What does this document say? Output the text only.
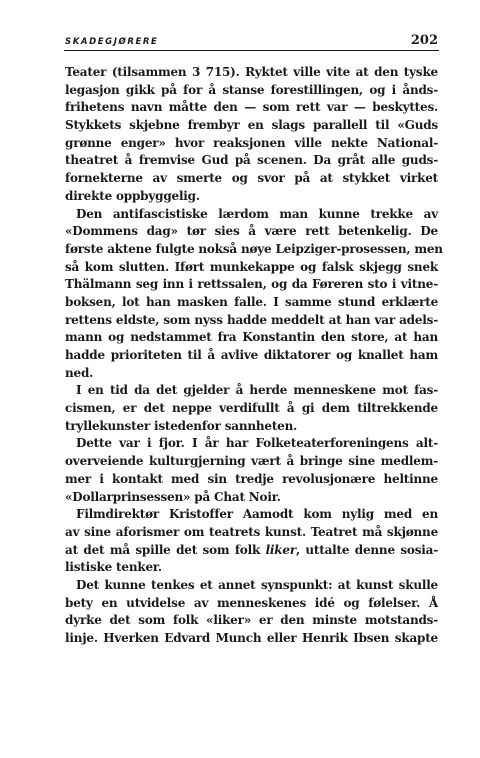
SKADEGJØRERE	202
Teater (tilsammen 3 715). Ryktet ville vite at den tyske
legasjon gikk på for å stanse forestillingen, og i ånds-
frihetens navn måtte den — som rett var — beskyttes.
Stykkets skjebne frembyr en slags parallell til «Guds
grønne enger» hvor reaksjonen ville nekte National-
theatret å fremvise Gud på scenen. Da gråt alle guds-
fornekterne av smerte og svor på at stykket virket
direkte oppbyggelig.
Den antifascistiske lærdom man kunne trekke av
«Dommens dag» tør sies å være rett betenkelig. De
første aktene fulgte nokså nøye Leipziger-prosessen, men
så kom slutten. Iført munkekappe og falsk skjegg snek
Thälmann seg inn i rettssalen, og da Føreren sto i vitne-
boksen, lot han masken falle. I samme stund erklærte
rettens eldste, som nyss hadde meddelt at han var adels-
mann og nedstammet fra Konstantin den store, at han
hadde prioriteten til å avlive diktatorer og knallet ham
ned.
I en tid da det gjelder å herde menneskene mot fas-
cismen, er det neppe verdifullt å gi dem tiltrekkende
tryllekunster istedenfor sannheten.
Dette var i fjor. I år har Folketeaterforeningens alt-
overveiende kulturgjerning vært å bringe sine medlem-
mer i kontakt med sin tredje revolusjonære heltinne
«Dollarprinsessen» på Chat Noir.
Filmdirektør Kristoffer Aamodt kom nylig med en
av sine aforismer om teatrets kunst. Teatret må skjønne
at det må spille det som folk liker, uttalte denne sosia-
listiske tenker.
Det kunne tenkes et annet synspunkt: at kunst skulle
bety en utvidelse av menneskenes idé og følelser. Å
dyrke det som folk «liker» er den minste motstands-
linje. Hverken Edvard Munch eller Henrik Ibsen skapte
